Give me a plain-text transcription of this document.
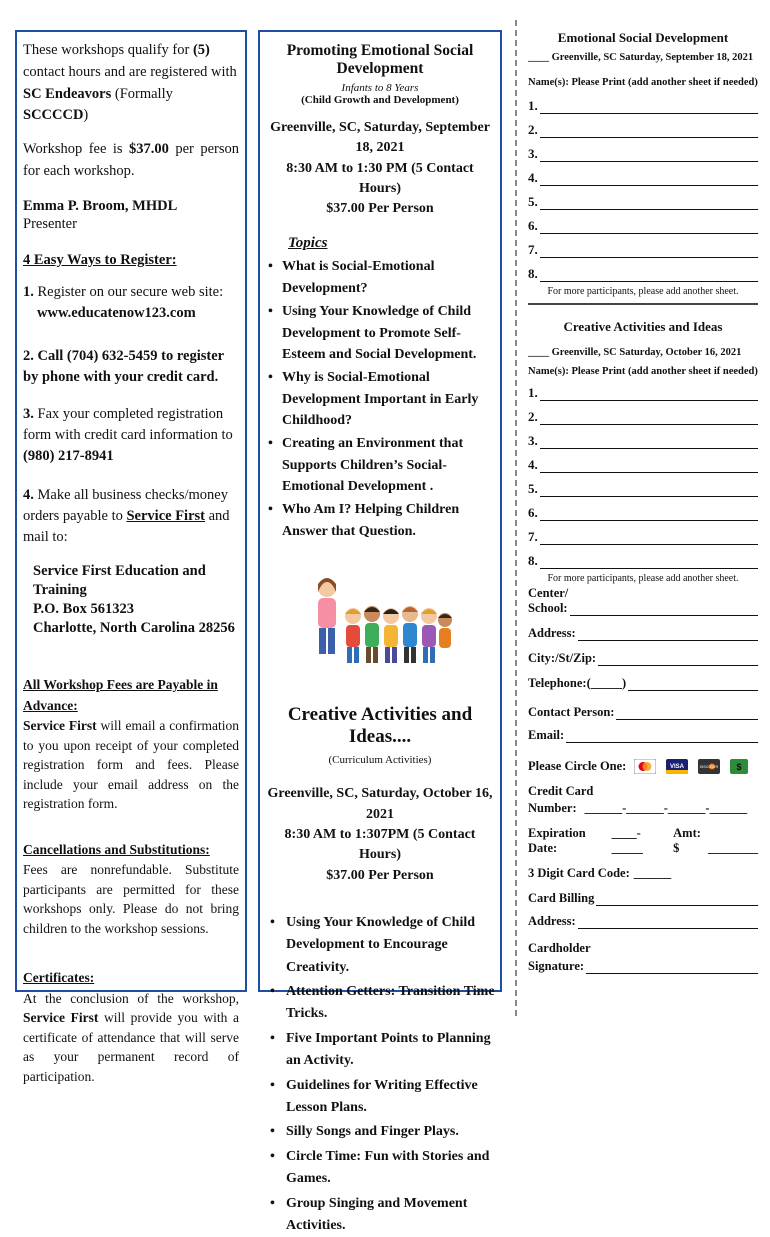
These workshops qualify for (5) contact hours and are registered with SC Endeavors (Formally SCCCCD)
Workshop fee is $37.00 per person for each workshop.
Emma P. Broom, MHDL
Presenter
4 Easy Ways to Register:
1. Register on our secure web site:
www.educatenow123.com
2. Call (704) 632-5459 to register by phone with your credit card.
3. Fax your completed registration form with credit card information to (980) 217-8941
4. Make all business checks/money orders payable to Service First and mail to:
Service First Education and Training
P.O. Box 561323
Charlotte, North Carolina 28256
All Workshop Fees are Payable in Advance:
Service First will email a confirmation to you upon receipt of your completed registration form and fees. Please include your email address on the registration form.
Cancellations and Substitutions:
Fees are nonrefundable. Substitute participants are permitted for these workshops only. Please do not bring children to the workshop sessions.
Certificates:
At the conclusion of the workshop, Service First will provide you with a certificate of attendance that will serve as your permanent record of participation.
Promoting Emotional Social Development
Infants to 8 Years
(Child Growth and Development)
Greenville, SC, Saturday, September 18, 2021
8:30 AM to 1:30 PM (5 Contact Hours)
$37.00 Per Person
Topics
• What is Social-Emotional Development?
• Using Your Knowledge of Child Development to Promote Self-Esteem and Social Development.
• Why is Social-Emotional Development Important in Early Childhood?
• Creating an Environment that Supports Children’s Social-Emotional Development .
• Who Am I? Helping Children Answer that Question.
Creative Activities and Ideas....
(Curriculum Activities)
Greenville, SC, Saturday, October 16, 2021
8:30 AM to 1:307PM (5 Contact Hours)
$37.00 Per Person
• Using Your Knowledge of Child Development to Encourage Creativity.
• Attention Getters: Transition Time Tricks.
• Five Important Points to Planning an Activity.
• Guidelines for Writing Effective Lesson Plans.
• Silly Songs and Finger Plays.
• Circle Time: Fun with Stories and Games.
• Group Singing and Movement Activities.
Emotional Social Development
____ Greenville, SC Saturday, September 18, 2021
Name(s): Please Print (add another sheet if needed)
1.
2.
3.
4.
5.
6.
7.
8.
For more participants, please add another sheet.
Creative Activities and Ideas
____ Greenville, SC Saturday, October 16, 2021
Name(s): Please Print (add another sheet if needed)
1.
2.
3.
4.
5.
6.
7.
8.
For more participants, please add another sheet.
Center/
School:
Address:
City:/St/Zip:
Telephone:(_____)
Contact Person:
Email:
Please Circle One:	VISA	DISCOVER $
Credit Card
Number: ______-______-______-______
Expiration Date:
____-_____
Amt: $	________
3 Digit Card Code: ______
Card Billing
Address:
Cardholder
Signature:
